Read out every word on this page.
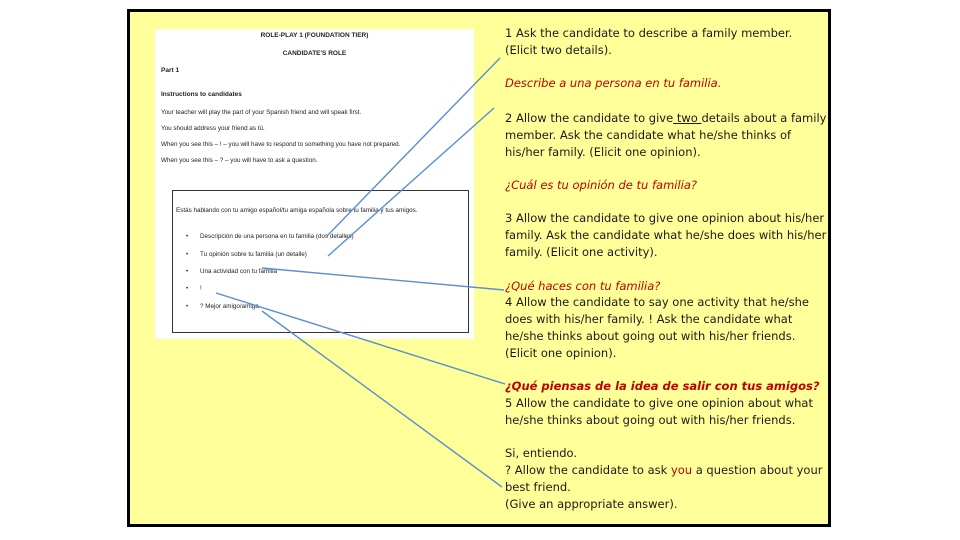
ROLE-PLAY 1 (FOUNDATION TIER)
CANDIDATE'S ROLE
Part 1
Instructions to candidates
Your teacher will play the part of your Spanish friend and will speak first.
You should address your friend as tú.
When you see this – ! – you will have to respond to something you have not prepared.
When you see this – ? – you will have to ask a question.
Estás hablando con tu amigo español/tu amiga española sobre tu familia y tus amigos.
• Descripción de una persona en tu familia (dos detalles)
• Tu opinión sobre tu familia (un detalle)
• Una actividad con tu familia
• !
• ? Mejor amigo/amiga
1 Ask the candidate to describe a family member. (Elicit two details).
Describe a una persona en tu familia.
2 Allow the candidate to give two details about a family member. Ask the candidate what he/she thinks of his/her family. (Elicit one opinion).
¿Cuál es tu opinión de tu familia?
3 Allow the candidate to give one opinion about his/her family. Ask the candidate what he/she does with his/her family. (Elicit one activity).
¿Qué haces con tu familia?
4 Allow the candidate to say one activity that he/she does with his/her family. ! Ask the candidate what he/she thinks about going out with his/her friends. (Elicit one opinion).
¿Qué piensas de la idea de salir con tus amigos?
5 Allow the candidate to give one opinion about what he/she thinks about going out with his/her friends.
Si, entiendo.
? Allow the candidate to ask you a question about your best friend.
(Give an appropriate answer).
